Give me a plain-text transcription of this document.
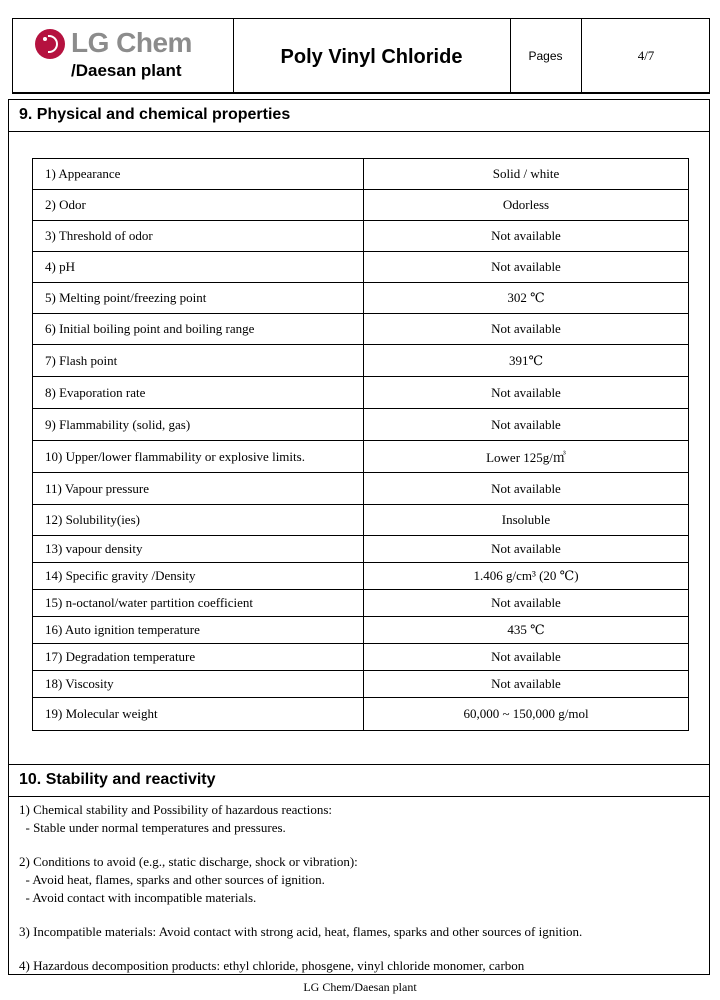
LG Chem
/Daesan plant
Poly Vinyl Chloride	Pages	4/7
9. Physical and chemical properties
1) Appearance	Solid / white
2) Odor	Odorless
3) Threshold of odor	Not available
4) pH	Not available
5) Melting point/freezing point	302 ℃
6) Initial boiling point and boiling range	Not available
7) Flash point	391℃
8) Evaporation rate	Not available
9) Flammability (solid, gas)	Not available
10) Upper/lower flammability or explosive limits.	Lower 125g/㎥
11) Vapour pressure	Not available
12) Solubility(ies)	Insoluble
13) vapour density	Not available
14) Specific gravity /Density	1.406 g/cm³ (20 ℃)
15) n-octanol/water partition coefficient	Not available
16) Auto ignition temperature	435 ℃
17) Degradation temperature	Not available
18) Viscosity	Not available
19) Molecular weight	60,000 ~ 150,000 g/mol
10. Stability and reactivity

1) Chemical stability and Possibility of hazardous reactions:

- Stable under normal temperatures and pressures.

2) Conditions to avoid (e.g., static discharge, shock or vibration):

- Avoid heat, flames, sparks and other sources of ignition.

- Avoid contact with incompatible materials.

3) Incompatible materials: Avoid contact with strong acid, heat, flames, sparks and other sources of ignition.

4) Hazardous decomposition products: ethyl chloride, phosgene, vinyl chloride monomer, carbon

LG Chem/Daesan plant
